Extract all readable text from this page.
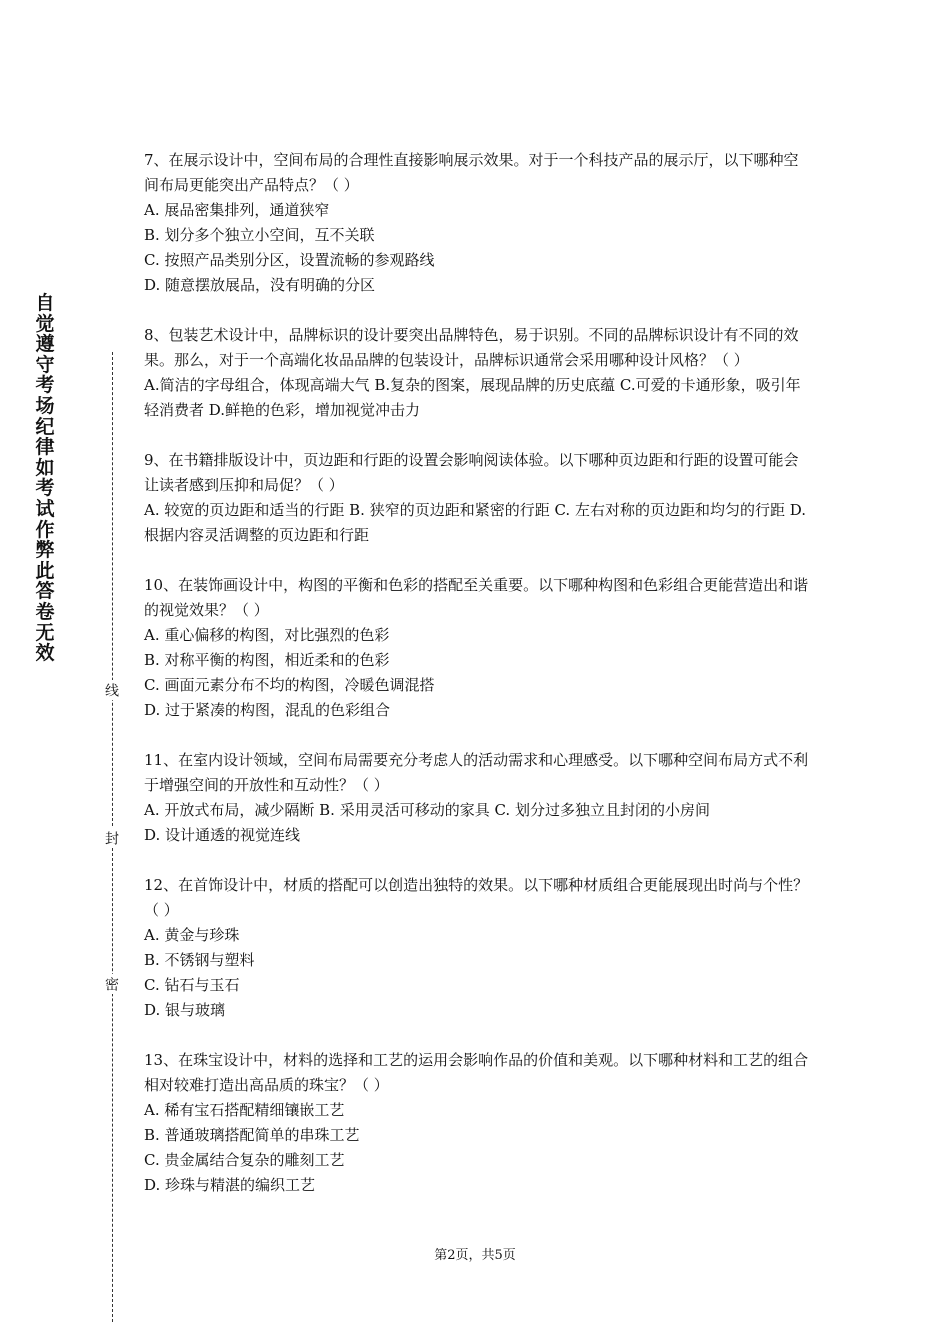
自觉遵守考场纪律如考试作弊此答卷无效
线
封
密

7、在展示设计中，空间布局的合理性直接影响展示效果。对于一个科技产品的展示厅，以下哪种空间布局更能突出产品特点？（ ）

A. 展品密集排列，通道狭窄

B. 划分多个独立小空间，互不关联

C. 按照产品类别分区，设置流畅的参观路线

D. 随意摆放展品，没有明确的分区

8、包装艺术设计中，品牌标识的设计要突出品牌特色，易于识别。不同的品牌标识设计有不同的效果。那么，对于一个高端化妆品品牌的包装设计，品牌标识通常会采用哪种设计风格？（ ）

A.简洁的字母组合，体现高端大气 B.复杂的图案，展现品牌的历史底蕴 C.可爱的卡通形象，吸引年轻消费者 D.鲜艳的色彩，增加视觉冲击力

9、在书籍排版设计中，页边距和行距的设置会影响阅读体验。以下哪种页边距和行距的设置可能会让读者感到压抑和局促？（ ）

A. 较宽的页边距和适当的行距 B. 狭窄的页边距和紧密的行距 C. 左右对称的页边距和均匀的行距 D. 根据内容灵活调整的页边距和行距

10、在装饰画设计中，构图的平衡和色彩的搭配至关重要。以下哪种构图和色彩组合更能营造出和谐的视觉效果？（ ）

A. 重心偏移的构图，对比强烈的色彩

B. 对称平衡的构图，相近柔和的色彩

C. 画面元素分布不均的构图，冷暖色调混搭

D. 过于紧凑的构图，混乱的色彩组合

11、在室内设计领域，空间布局需要充分考虑人的活动需求和心理感受。以下哪种空间布局方式不利于增强空间的开放性和互动性？（ ）

A. 开放式布局，减少隔断 B. 采用灵活可移动的家具 C. 划分过多独立且封闭的小房间

D. 设计通透的视觉连线

12、在首饰设计中，材质的搭配可以创造出独特的效果。以下哪种材质组合更能展现出时尚与个性？（ ）

A. 黄金与珍珠

B. 不锈钢与塑料

C. 钻石与玉石

D. 银与玻璃

13、在珠宝设计中，材料的选择和工艺的运用会影响作品的价值和美观。以下哪种材料和工艺的组合相对较难打造出高品质的珠宝？（ ）

A. 稀有宝石搭配精细镶嵌工艺

B. 普通玻璃搭配简单的串珠工艺

C. 贵金属结合复杂的雕刻工艺

D. 珍珠与精湛的编织工艺

第2页，共5页
